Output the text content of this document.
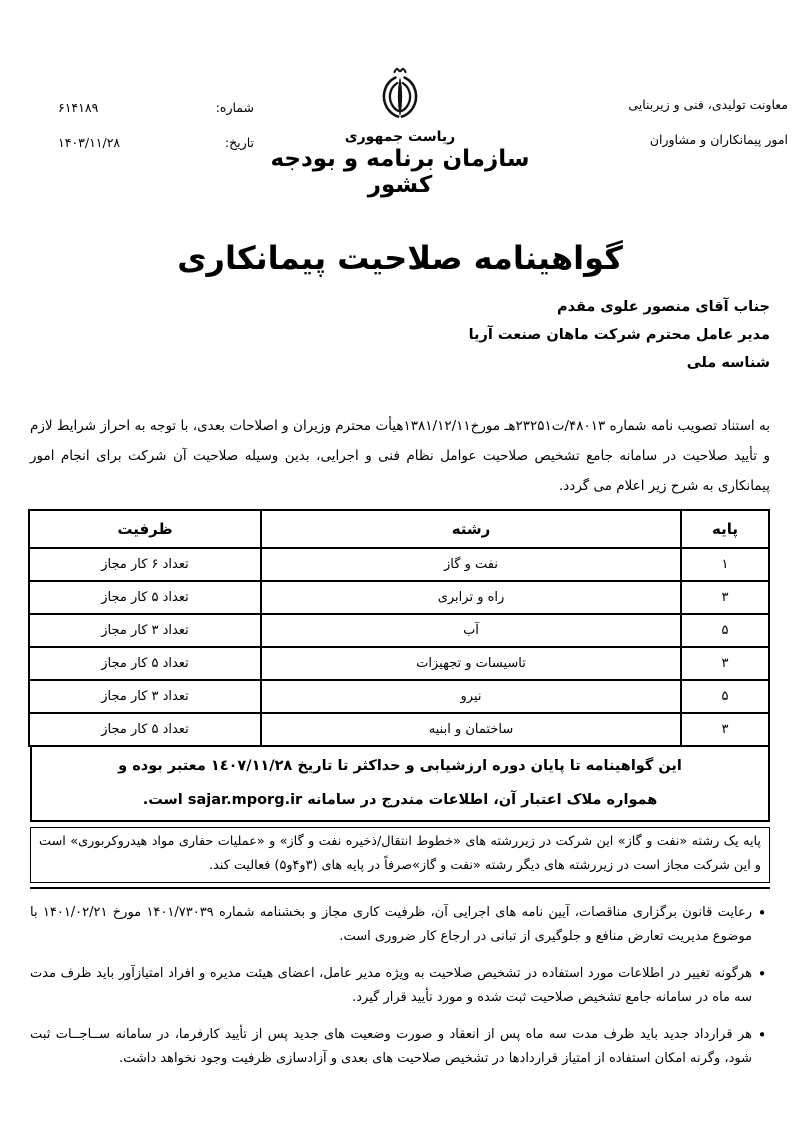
معاونت تولیدی، فنی و زیربنایی
امور پیمانکاران و مشاوران
شماره:
۶۱۴۱۸۹
تاریخ:
۱۴۰۳/۱۱/۲۸	ریاست جمهوری
سازمان برنامه و بودجه کشور
گواهینامه صلاحیت پیمانکاری
جناب آقای منصور علوی مقدم
مدیر عامل محترم شرکت ماهان صنعت آریا
شناسه ملی

به استناد تصویب نامه شماره ۴۸۰۱۳/ت۲۳۲۵۱هـ مورخ۱۳۸۱/۱۲/۱۱هیأت محترم وزیران و اصلاحات بعدی، با توجه به احراز شرایط لازم و تأیید صلاحیت در سامانه جامع تشخیص صلاحیت عوامل نظام فنی و اجرایی، بدین وسیله صلاحیت آن شرکت برای انجام امور پیمانکاری به شرح زیر اعلام می گردد.

پایه	رشته	ظرفیت
۱	نفت و گاز	تعداد ۶ کار مجاز
۳	راه و ترابری	تعداد ۵ کار مجاز
۵	آب	تعداد ۳ کار مجاز
۳	تاسیسات و تجهیزات	تعداد ۵ کار مجاز
۵	نیرو	تعداد ۳ کار مجاز
۳	ساختمان و ابنیه	تعداد ۵ کار مجاز
این گواهینامه تا پایان دوره ارزشیابی و حداکثر تا تاریخ ١٤٠٧/١١/٢٨ معتبر بوده و
همواره ملاک اعتبار آن، اطلاعات مندرج در سامانه sajar.mporg.ir است.
پایه یک رشته «نفت و گاز» این شرکت در زیررشته های «خطوط انتقال/ذخیره نفت و گاز» و «عملیات حفاری مواد هیدروکربوری» است و این شرکت مجاز است در زیررشته های دیگر رشته «نفت و گاز»صرفاً در پایه های (۳و۴و۵) فعالیت کند.
•
رعایت قانون برگزاری مناقصات، آیین نامه های اجرایی آن، ظرفیت کاری مجاز و بخشنامه شماره ۱۴۰۱/۷۳۰۳۹ مورخ ۱۴۰۱/۰۲/۲۱ با موضوع مدیریت تعارض منافع و جلوگیری از تبانی در ارجاع کار ضروری است.
•
هرگونه تغییر در اطلاعات مورد استفاده در تشخیص صلاحیت به ویژه مدیر عامل، اعضای هیئت مدیره و افراد امتیازآور باید ظرف مدت سه ماه در سامانه جامع تشخیص صلاحیت ثبت شده و مورد تأیید قرار گیرد.
•
هر قرارداد جدید باید ظرف مدت سه ماه پس از انعقاد و صورت وضعیت های جدید پس از تأیید کارفرما، در سامانه ســاجــات ثبت شود، وگرنه امکان استفاده از امتیاز قراردادها در تشخیص صلاحیت های بعدی و آزادسازی ظرفیت وجود نخواهد داشت.
